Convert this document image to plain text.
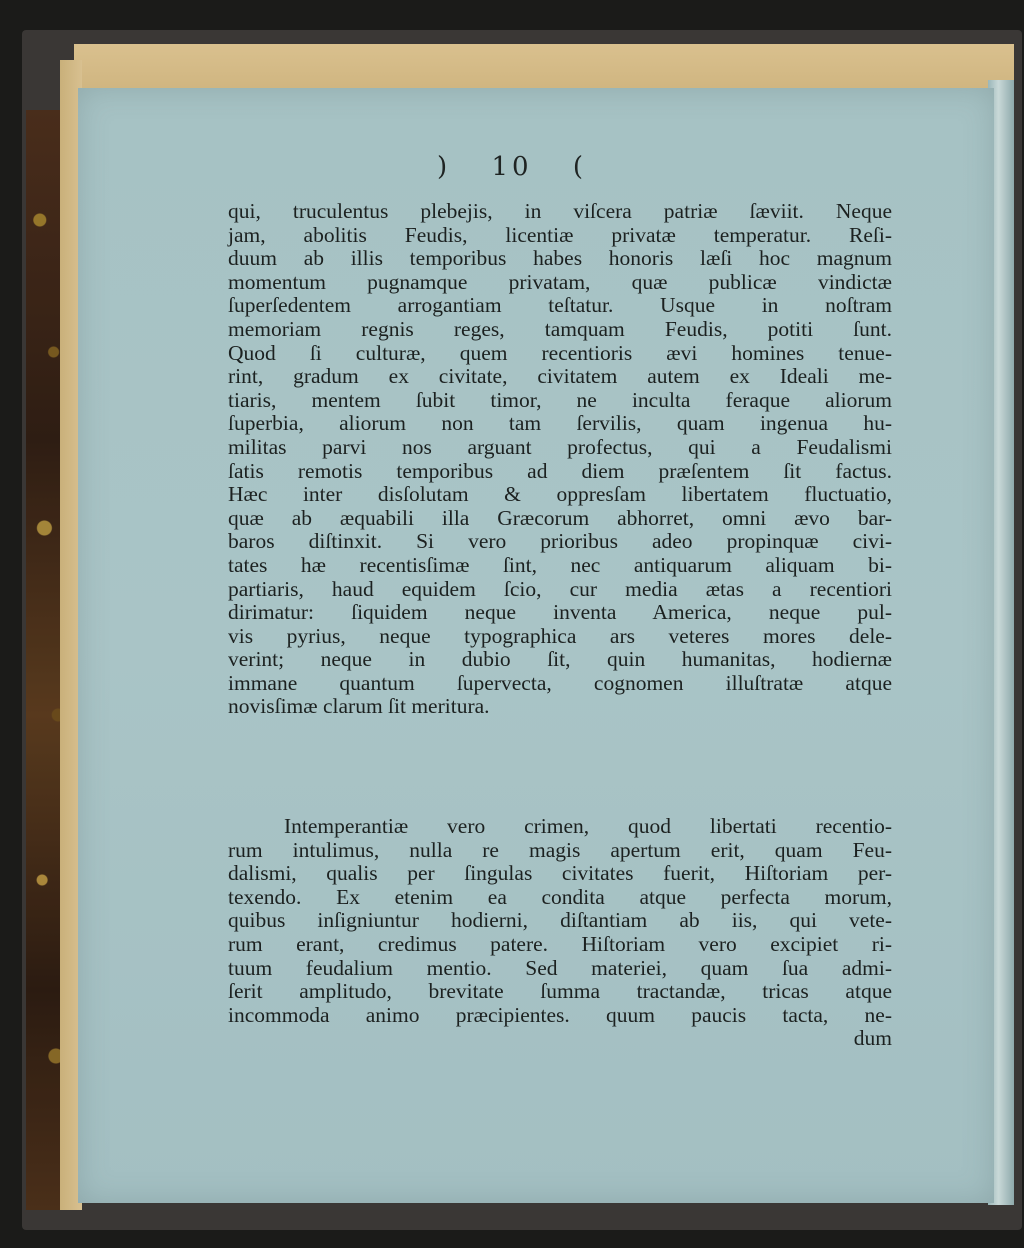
) 10 (
qui, truculentus plebejis, in viſcera patriæ ſæviit. Neque
jam, abolitis Feudis, licentiæ privatæ temperatur. Reſi-
duum ab illis temporibus habes honoris læſi hoc magnum
momentum pugnamque privatam, quæ publicæ vindictæ
ſuperſedentem arrogantiam teſtatur. Usque in noſtram
memoriam regnis reges, tamquam Feudis, potiti ſunt.
Quod ſi culturæ, quem recentioris ævi homines tenue-
rint, gradum ex civitate, civitatem autem ex Ideali me-
tiaris, mentem ſubit timor, ne inculta feraque aliorum
ſuperbia, aliorum non tam ſervilis, quam ingenua hu-
militas parvi nos arguant profectus, qui a Feudalismi
ſatis remotis temporibus ad diem præſentem ſit factus.
Hæc inter disſolutam & oppresſam libertatem fluctuatio,
quæ ab æquabili illa Græcorum abhorret, omni ævo bar-
baros diſtinxit. Si vero prioribus adeo propinquæ civi-
tates hæ recentisſimæ ſint, nec antiquarum aliquam bi-
partiaris, haud equidem ſcio, cur media ætas a recentiori
dirimatur: ſiquidem neque inventa America, neque pul-
vis pyrius, neque typographica ars veteres mores dele-
verint; neque in dubio ſit, quin humanitas, hodiernæ
immane quantum ſupervecta, cognomen illuſtratæ atque
novisſimæ clarum ſit meritura.
Intemperantiæ vero crimen, quod libertati recentio-
rum intulimus, nulla re magis apertum erit, quam Feu-
dalismi, qualis per ſingulas civitates fuerit, Hiſtoriam per-
texendo. Ex etenim ea condita atque perfecta morum,
quibus inſigniuntur hodierni, diſtantiam ab iis, qui vete-
rum erant, credimus patere. Hiſtoriam vero excipiet ri-
tuum feudalium mentio. Sed materiei, quam ſua admi-
ſerit amplitudo, brevitate ſumma tractandæ, tricas atque
incommoda animo præcipientes. quum paucis tacta, ne-
dum
